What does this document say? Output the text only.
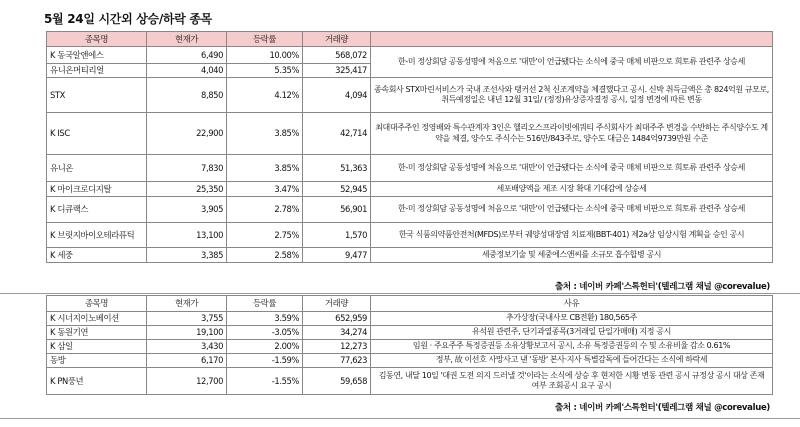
5월 24일 시간외 상승/하락 종목
종목명	현재가	등락률	거래량	
K 동국알앤에스	6,490	10.00%	568,072	한-미 정상회담 공동성명에 처음으로 '대만'이 언급됐다는 소식에 중국 매체 비판으로 희토류 관련주 상승세
유니온머티리얼	4,040	5.35%	325,417	
STX	8,850	4.12%	4,094	종속회사 STX마린서비스가 국내 조선사와 탱커선 2척 신조계약을 체결했다고 공시. 신박 취득금액은 총 824억원 규모로, 취득예정일은 내년 12월 31일/ (정정)유상증자결정 공시, 일정 변경에 따른 변동
K ISC	22,900	3.85%	42,714	최대대주주인 정영배와 특수관계자 3인은 헬리오스프라이빗에쿼티 주식회사가 최대주주 변경을 수반하는 주식양수도 계약을 체결, 양수도 주식수는 516만/843주로, 양수도 대금은 1484억9739만원 수준
유니온	7,830	3.85%	51,363	한-미 정상회담 공동성명에 처음으로 '대만'이 언급됐다는 소식에 중국 매체 비판으로 희토류 관련주 상승세
K 마이크로디지탈	25,350	3.47%	52,945	세포배양액을 제조 시장 확대 기대감에 상승세
K 디큐랙스	3,905	2.78%	56,901	한-미 정상회담 공동성명에 처음으로 '대만'이 언급됐다는 소식에 중국 매체 비판으로 희토류 관련주 상승세
K 브릿지바이오테라퓨틱	13,100	2.75%	1,570	한국 식품의약품안전처(MFDS)로부터 궤양성대장염 치료제(BBT-401) 제2a상 임상시험 계획을 승인 공시
K 세중	3,385	2.58%	9,477	세중정보기술 및 세중에스앤씨를 소규모 흡수합병 공시
출처 : 네이버 카페'스톡헌터'(텔레그램 채널 @corevalue)
종목명	현재가	등락률	거래량	사유
K 시너지이노베이션	3,755	3.59%	652,959	추가상장(국내사모 CB전환) 180,565주
K 동원기연	19,100	-3.05%	34,274	유석원 관련주, 단기과열종목(3거래일 단일가매매) 지정 공시
K 삼일	3,430	2.00%	12,273	임원 · 주요주주 특정증권등 소유상황보고서 공시, 소유 특정증권등의 수 및 소유비율 감소 0.61%
동방	6,170	-1.59%	77,623	정부, 故 이선호 사망사고 낸 '동방' 본사·지사 특별감독에 들어간다는 소식에 하락세
K PN풍년	12,700	-1.55%	59,658	김동연, 내달 10일 '대권 도전 의지 드러낼 것'이라는 소식에 상승 후 현저한 시황 변동 관련 공시 규정상 공시 대상 존재 여부 조회공시 요구 공시
출처 : 네이버 카페'스톡헌터'(텔레그램 채널 @corevalue)
